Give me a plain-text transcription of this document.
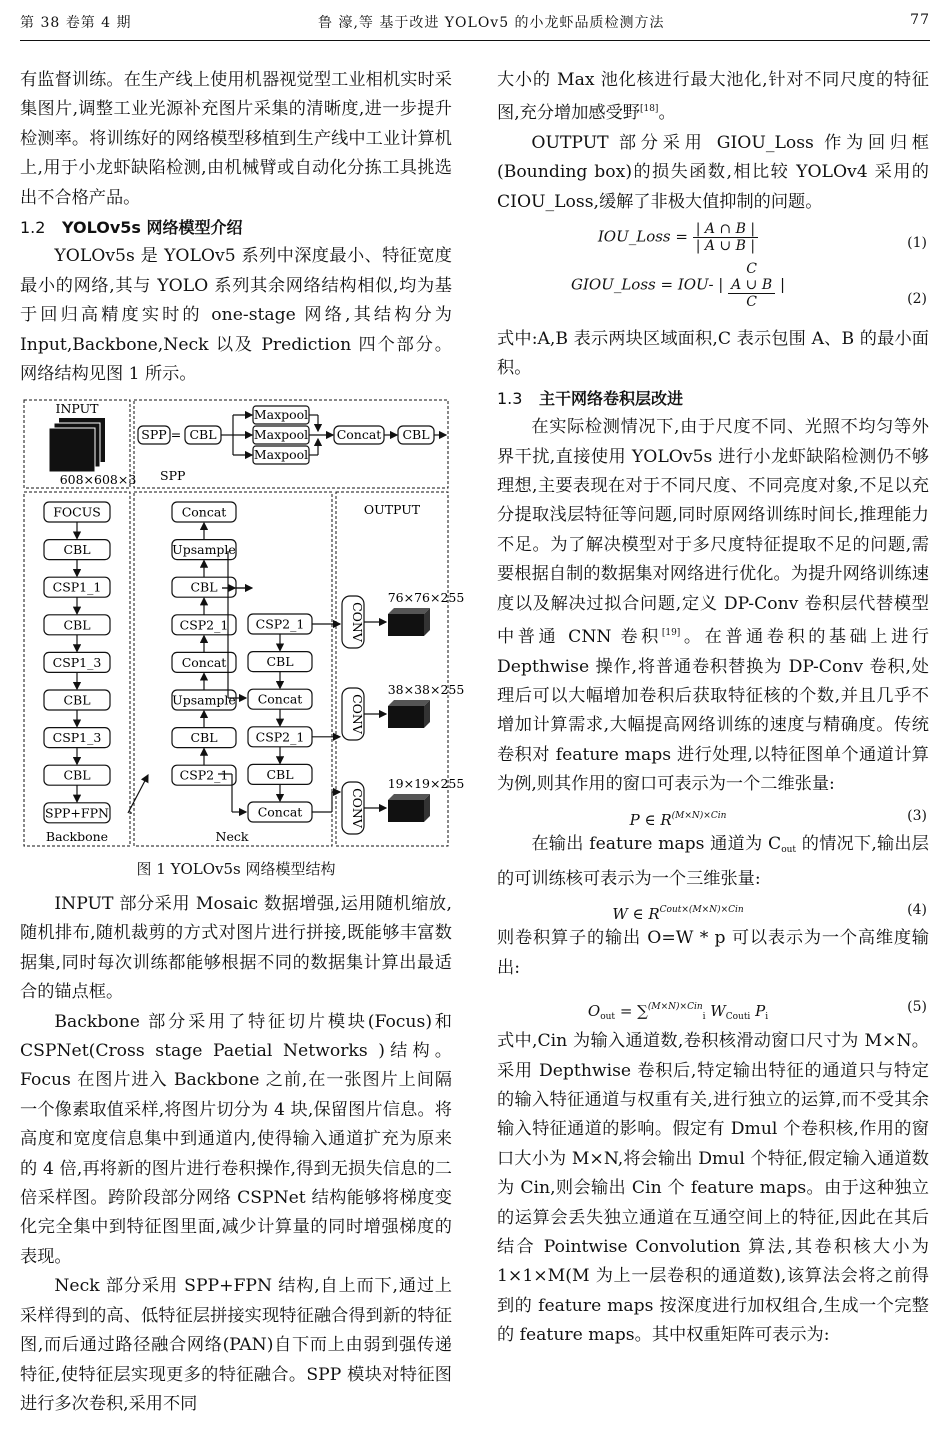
第 38 卷第 4 期	鲁 濠,等 基于改进 YOLOv5 的小龙虾品质检测方法	77

有监督训练。在生产线上使用机器视觉型工业相机实时采集图片,调整工业光源补充图片采集的清晰度,进一步提升检测率。将训练好的网络模型移植到生产线中工业计算机上,用于小龙虾缺陷检测,由机械臂或自动化分拣工具挑选出不合格产品。

1.2 YOLOv5s 网络模型介绍

YOLOv5s 是 YOLOv5 系列中深度最小、特征宽度最小的网络,其与 YOLO 系列其余网络结构相似,均为基于回归高精度实时的 one-stage 网络,其结构分为 Input,Backbone,Neck 以及 Prediction 四个部分。网络结构见图 1 所示。

INPUT
608×608×3
SPP = CBL
Maxpool
Maxpool
Maxpool
Concat CBL
SPP
FOCUS
CBL
CSP1_1
CBL
CSP1_3
CBL
CSP1_3
CBL
SPP+FPN
Backbone
Concat
Upsample
CBL
CSP2_1
Concat
Upsample
CBL
CSP2_1
CSP2_1
CBL
Concat
CSP2_1
CBL
Concat
Neck
OUTPUT
CONV
76×76×255
CONV
38×38×255
CONV
19×19×255
图 1 YOLOv5s 网络模型结构

INPUT 部分采用 Mosaic 数据增强,运用随机缩放,随机排布,随机裁剪的方式对图片进行拼接,既能够丰富数据集,同时每次训练都能够根据不同的数据集计算出最适合的锚点框。

Backbone 部分采用了特征切片模块(Focus)和 CSPNet(Cross stage Paetial Networks )结构。Focus 在图片进入 Backbone 之前,在一张图片上间隔一个像素取值采样,将图片切分为 4 块,保留图片信息。将高度和宽度信息集中到通道内,使得输入通道扩充为原来的 4 倍,再将新的图片进行卷积操作,得到无损失信息的二倍采样图。跨阶段部分网络 CSPNet 结构能够将梯度变化完全集中到特征图里面,减少计算量的同时增强梯度的表现。

Neck 部分采用 SPP+FPN 结构,自上而下,通过上采样得到的高、低特征层拼接实现特征融合得到新的特征图,而后通过路径融合网络(PAN)自下而上由弱到强传递特征,使特征层实现更多的特征融合。SPP 模块对特征图进行多次卷积,采用不同

大小的 Max 池化核进行最大池化,针对不同尺度的特征图,充分增加感受野[18]。

OUTPUT 部分采用 GIOU_Loss 作为回归框(Bounding box)的损失函数,相比较 YOLOv4 采用的 CIOU_Loss,缓解了非极大值抑制的问题。

IOU_Loss = $\frac{| A \cap B |}{| A \cup B |}$	(1)
GIOU_Loss = IOU- |
C
A ∪ B
C
|
(2)

式中:A,B 表示两块区域面积,C 表示包围 A、B 的最小面积。

1.3 主干网络卷积层改进

在实际检测情况下,由于尺度不同、光照不均匀等外界干扰,直接使用 YOLOv5s 进行小龙虾缺陷检测仍不够理想,主要表现在对于不同尺度、不同亮度对象,不足以充分提取浅层特征等问题,同时原网络训练时间长,推理能力不足。为了解决模型对于多尺度特征提取不足的问题,需要根据自制的数据集对网络进行优化。为提升网络训练速度以及解决过拟合问题,定义 DP-Conv 卷积层代替模型中普通 CNN 卷积[19]。在普通卷积的基础上进行 Depthwise 操作,将普通卷积替换为 DP-Conv 卷积,处理后可以大幅增加卷积后获取特征核的个数,并且几乎不增加计算需求,大幅提高网络训练的速度与精确度。传统卷积对 feature maps 进行处理,以特征图单个通道计算为例,则其作用的窗口可表示为一个二维张量:

P ∈ $R^{(M\times N)\times Cin}$	(3)

在输出 feature maps 通道为 $C_{out}$ 的情况下,输出层的可训练核可表示为一个三维张量:

W ∈ $R^{Cout\times(M\times N)\times Cin}$	(4)

则卷积算子的输出 O=W * p 可以表示为一个高维度输出:

$O_{out} = \sum^{(M\times N)\times Cin}_i$ $W_{Couti}$ $P_i$
(5)

式中,Cin 为输入通道数,卷积核滑动窗口尺寸为 M×N。采用 Depthwise 卷积后,特定输出特征的通道只与特定的输入特征通道与权重有关,进行独立的运算,而不受其余输入特征通道的影响。假定有 Dmul 个卷积核,作用的窗口大小为 M×N,将会输出 Dmul 个特征,假定输入通道数为 Cin,则会输出 Cin 个 feature maps。由于这种独立的运算会丢失独立通道在互通空间上的特征,因此在其后结合 Pointwise Convolution 算法,其卷积核大小为 1×1×M(M 为上一层卷积的通道数),该算法会将之前得到的 feature maps 按深度进行加权组合,生成一个完整的 feature maps。其中权重矩阵可表示为:
